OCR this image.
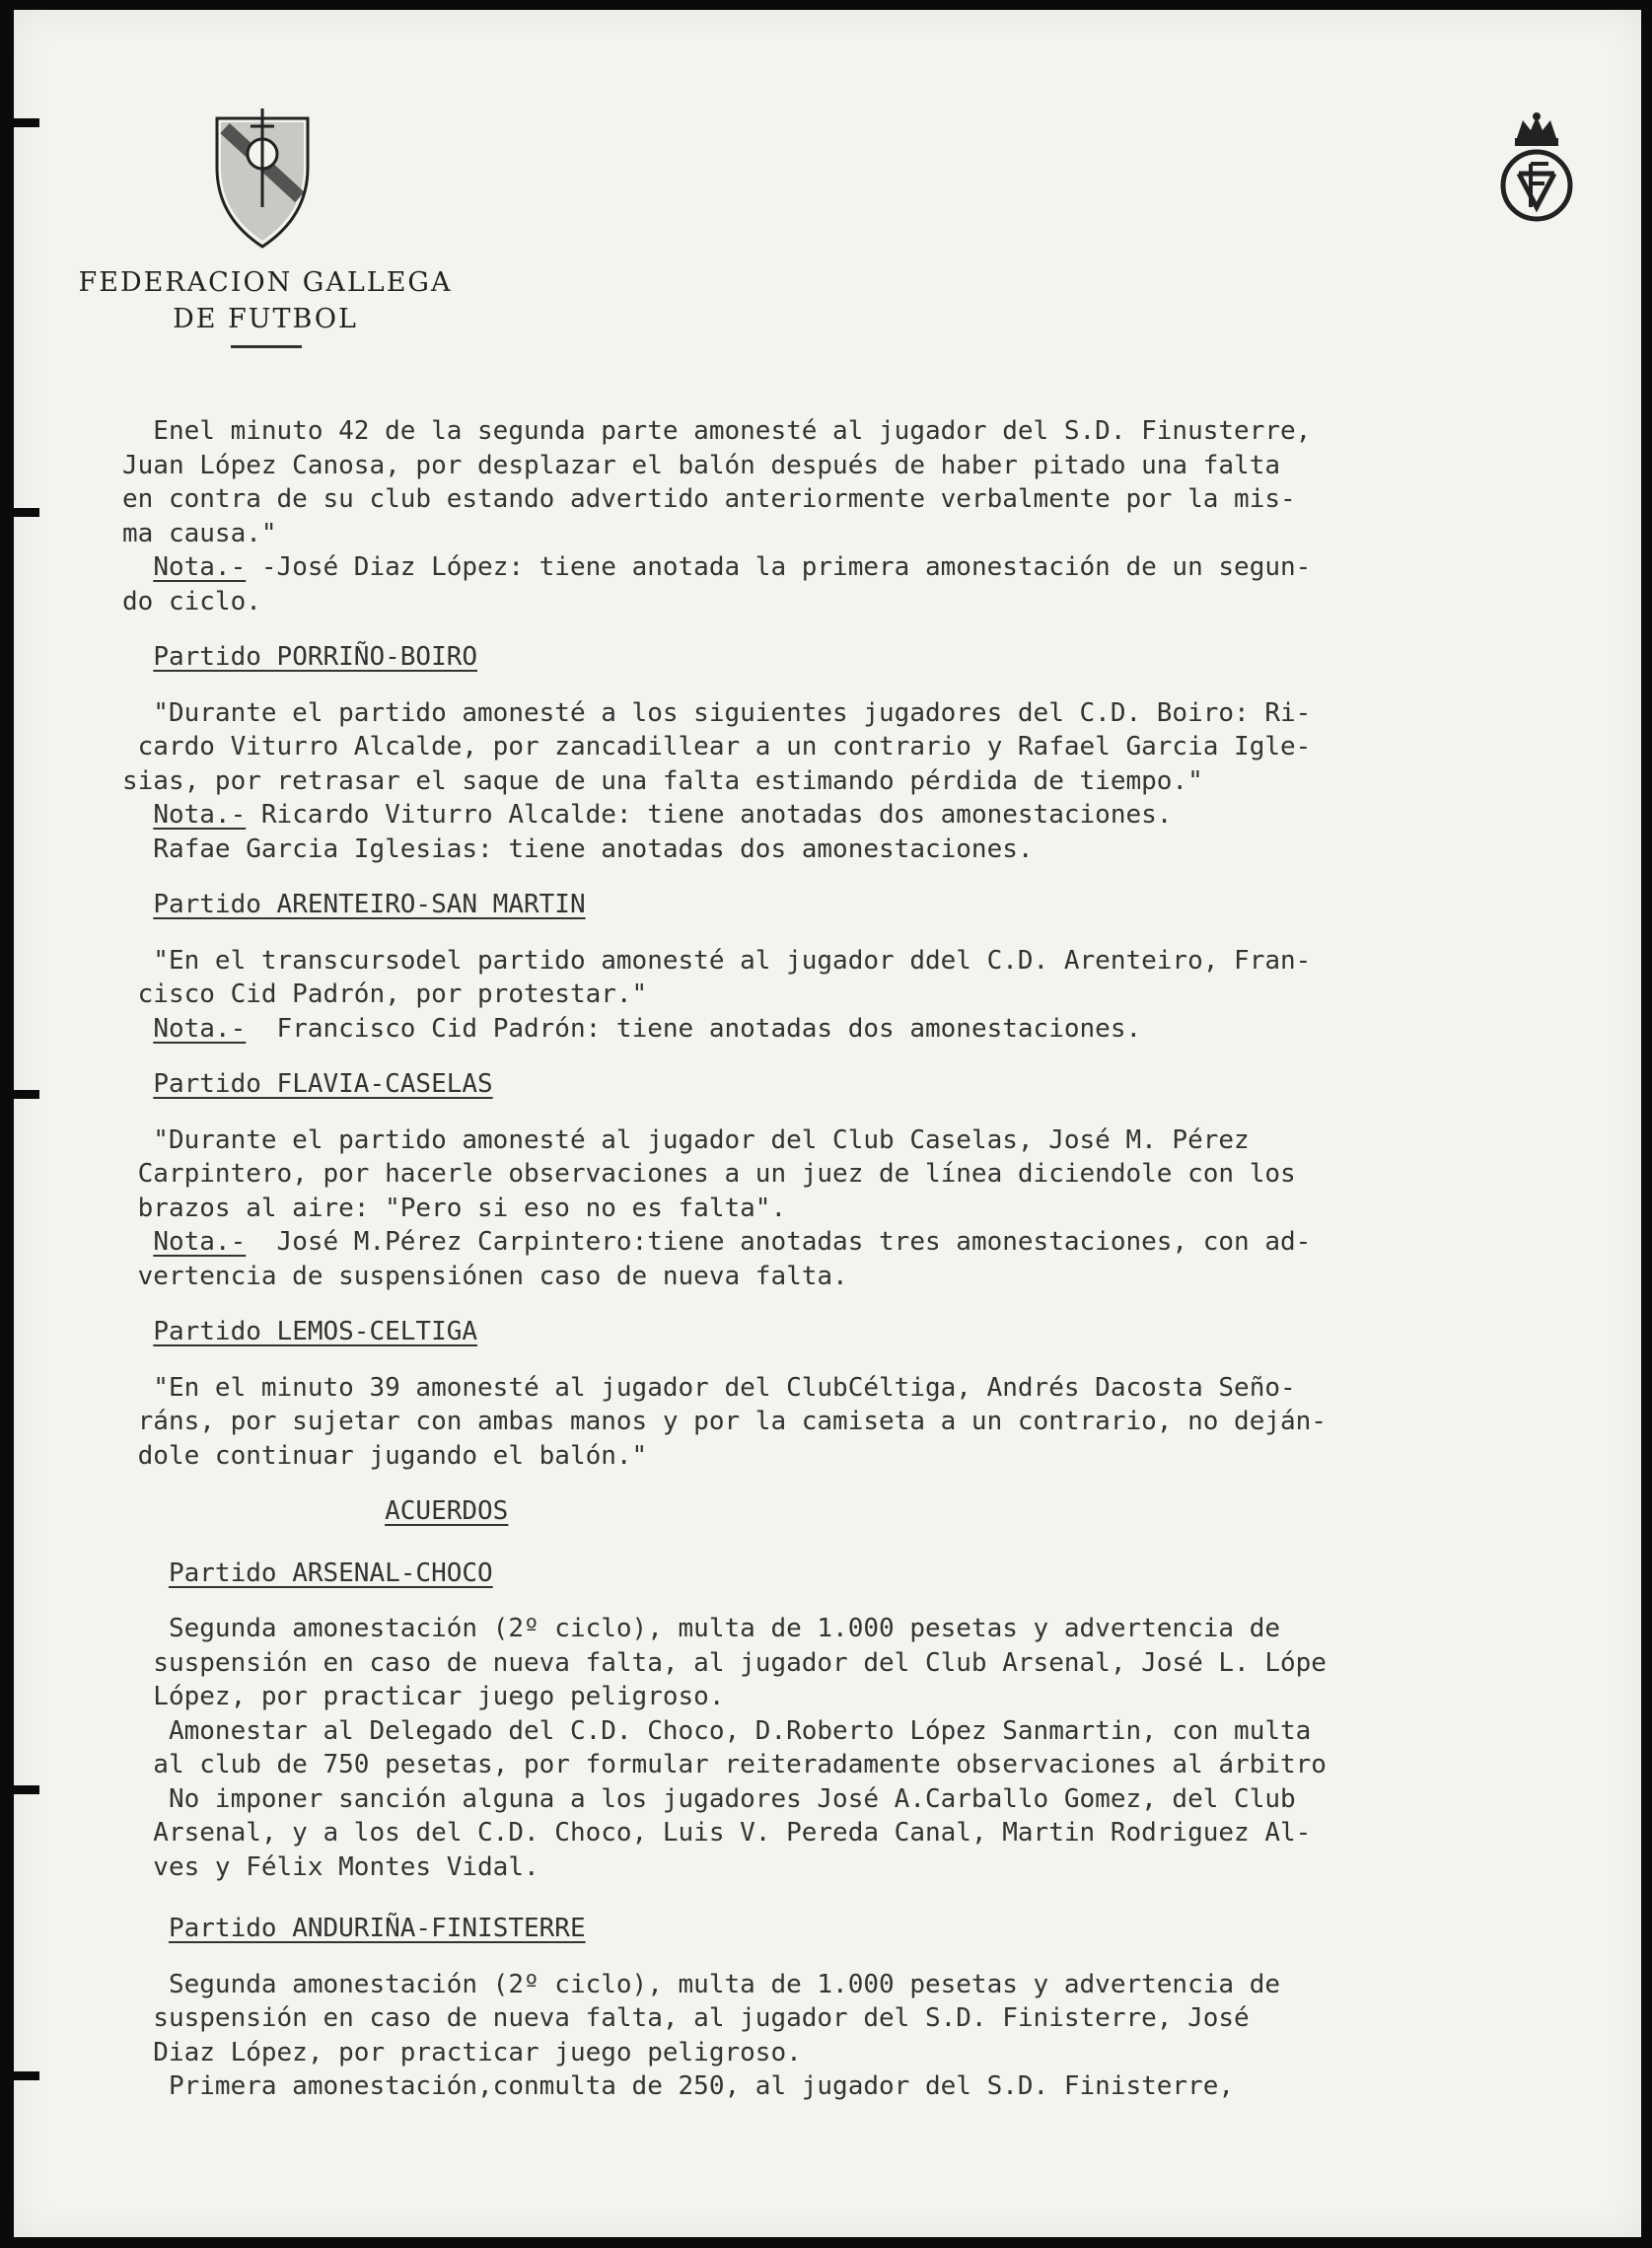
FEDERACION GALLEGA
DE FUTBOL

Enel minuto 42 de la segunda parte amonesté al jugador del S.D. Finusterre,

Juan López Canosa, por desplazar el balón después de haber pitado una falta

en contra de su club estando advertido anteriormente verbalmente por la mis-

ma causa."

Nota.- -José Diaz López: tiene anotada la primera amonestación de un segun-

do ciclo.

Partido PORRIÑO-BOIRO

"Durante el partido amonesté a los siguientes jugadores del C.D. Boiro: Ri-

cardo Viturro Alcalde, por zancadillear a un contrario y Rafael Garcia Igle-

sias, por retrasar el saque de una falta estimando pérdida de tiempo."

Nota.- Ricardo Viturro Alcalde: tiene anotadas dos amonestaciones.

Rafae Garcia Iglesias: tiene anotadas dos amonestaciones.

Partido ARENTEIRO-SAN MARTIN

"En el transcursodel partido amonesté al jugador ddel C.D. Arenteiro, Fran-

cisco Cid Padrón, por protestar."

Nota.-  Francisco Cid Padrón: tiene anotadas dos amonestaciones.

Partido FLAVIA-CASELAS

"Durante el partido amonesté al jugador del Club Caselas, José M. Pérez

Carpintero, por hacerle observaciones a un juez de línea diciendole con los

brazos al aire: "Pero si eso no es falta".

Nota.-  José M.Pérez Carpintero:tiene anotadas tres amonestaciones, con ad-

vertencia de suspensiónen caso de nueva falta.

Partido LEMOS-CELTIGA

"En el minuto 39 amonesté al jugador del ClubCéltiga, Andrés Dacosta Seño-

ráns, por sujetar con ambas manos y por la camiseta a un contrario, no deján-

dole continuar jugando el balón."

ACUERDOS

Partido ARSENAL-CHOCO

Segunda amonestación (2º ciclo), multa de 1.000 pesetas y advertencia de

suspensión en caso de nueva falta, al jugador del Club Arsenal, José L. Lópe

López, por practicar juego peligroso.

Amonestar al Delegado del C.D. Choco, D.Roberto López Sanmartin, con multa

al club de 750 pesetas, por formular reiteradamente observaciones al árbitro

No imponer sanción alguna a los jugadores José A.Carballo Gomez, del Club

Arsenal, y a los del C.D. Choco, Luis V. Pereda Canal, Martin Rodriguez Al-

ves y Félix Montes Vidal.

Partido ANDURIÑA-FINISTERRE

Segunda amonestación (2º ciclo), multa de 1.000 pesetas y advertencia de

suspensión en caso de nueva falta, al jugador del S.D. Finisterre, José

Diaz López, por practicar juego peligroso.

Primera amonestación,conmulta de 250, al jugador del S.D. Finisterre,
